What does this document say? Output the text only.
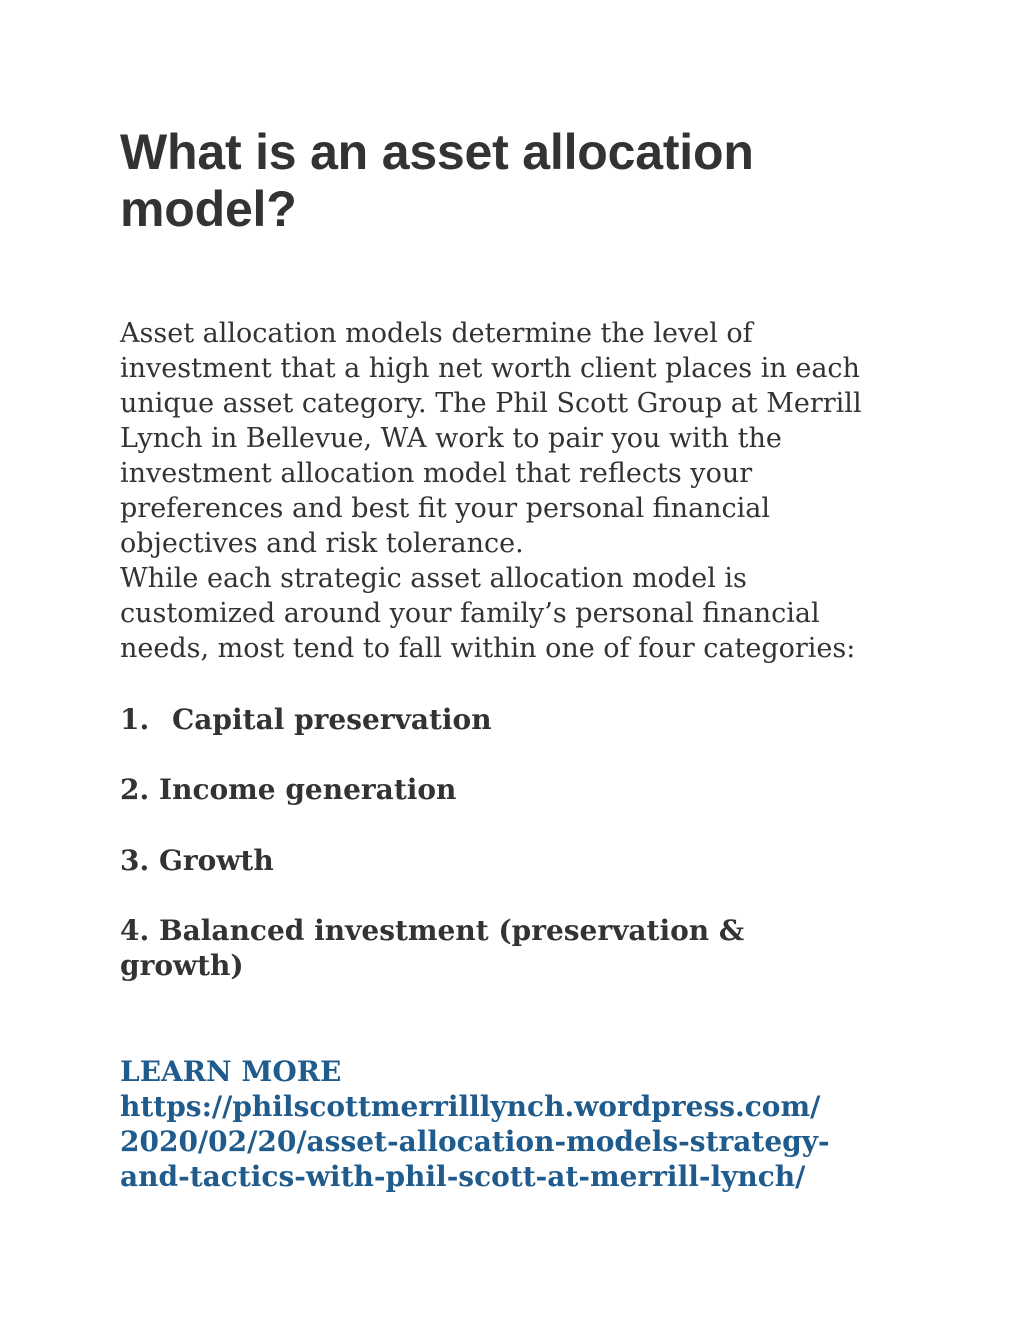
What is an asset allocation
model?

Asset allocation models determine the level of
investment that a high net worth client places in each
unique asset category. The Phil Scott Group at Merrill
Lynch in Bellevue, WA work to pair you with the
investment allocation model that reflects your
preferences and best fit your personal financial
objectives and risk tolerance.
While each strategic asset allocation model is
customized around your family’s personal financial
needs, most tend to fall within one of four categories:

1. Capital preservation
2. Income generation
3. Growth
4. Balanced investment (preservation &
growth)
LEARN MORE
https://philscottmerrilllynch.wordpress.com/
2020/02/20/asset-allocation-models-strategy-
and-tactics-with-phil-scott-at-merrill-lynch/
